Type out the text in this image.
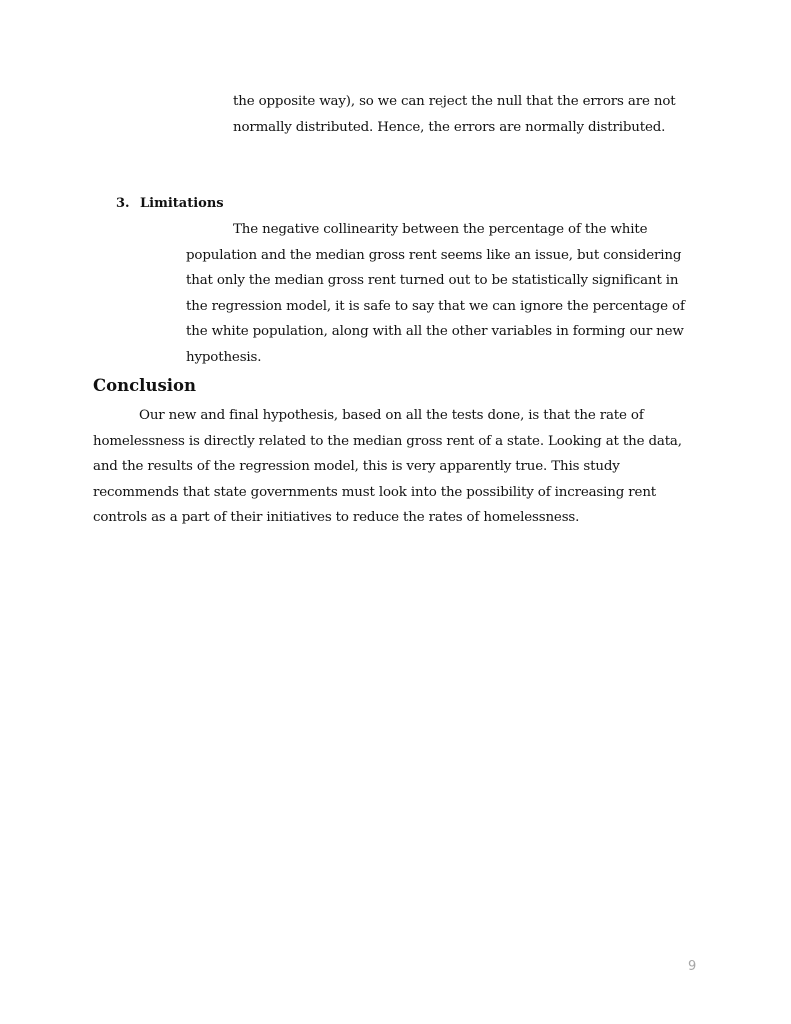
the opposite way), so we can reject the null that the errors are not normally distributed. Hence, the errors are normally distributed.

3. Limitations

The negative collinearity between the percentage of the white population and the median gross rent seems like an issue, but considering that only the median gross rent turned out to be statistically significant in the regression model, it is safe to say that we can ignore the percentage of the white population, along with all the other variables in forming our new hypothesis.

Conclusion

Our new and final hypothesis, based on all the tests done, is that the rate of homelessness is directly related to the median gross rent of a state. Looking at the data, and the results of the regression model, this is very apparently true. This study recommends that state governments must look into the possibility of increasing rent controls as a part of their initiatives to reduce the rates of homelessness.

9
